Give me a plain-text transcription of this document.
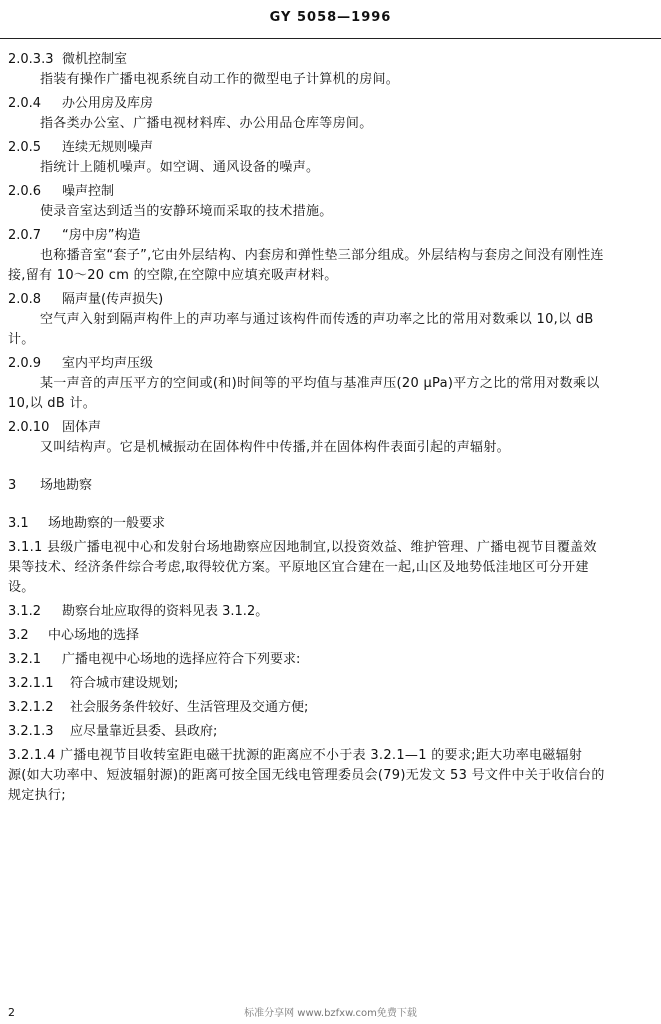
GY 5058—1996

2.0.3.3 微机控制室

指装有操作广播电视系统自动工作的微型电子计算机的房间。

2.0.4 办公用房及库房

指各类办公室、广播电视材料库、办公用品仓库等房间。

2.0.5 连续无规则噪声

指统计上随机噪声。如空调、通风设备的噪声。

2.0.6 噪声控制

使录音室达到适当的安静环境而采取的技术措施。

2.0.7 “房中房”构造

也称播音室“套子”,它由外层结构、内套房和弹性垫三部分组成。外层结构与套房之间没有刚性连

接,留有 10～20 cm 的空隙,在空隙中应填充吸声材料。

2.0.8 隔声量(传声损失)

空气声入射到隔声构件上的声功率与通过该构件而传透的声功率之比的常用对数乘以 10,以 dB

计。

2.0.9 室内平均声压级

某一声音的声压平方的空间或(和)时间等的平均值与基准声压(20 μPa)平方之比的常用对数乘以

10,以 dB 计。

2.0.10 固体声

又叫结构声。它是机械振动在固体构件中传播,并在固体构件表面引起的声辐射。

3 场地勘察

3.1 场地勘察的一般要求

3.1.1 县级广播电视中心和发射台场地勘察应因地制宜,以投资效益、维护管理、广播电视节目覆盖效

果等技术、经济条件综合考虑,取得较优方案。平原地区宜合建在一起,山区及地势低洼地区可分开建

设。

3.1.2 勘察台址应取得的资料见表 3.1.2。

3.2 中心场地的选择

3.2.1 广播电视中心场地的选择应符合下列要求:

3.2.1.1 符合城市建设规划;

3.2.1.2 社会服务条件较好、生活管理及交通方便;

3.2.1.3 应尽量靠近县委、县政府;

3.2.1.4 广播电视节目收转室距电磁干扰源的距离应不小于表 3.2.1—1 的要求;距大功率电磁辐射

源(如大功率中、短波辐射源)的距离可按全国无线电管理委员会(79)无发文 53 号文件中关于收信台的

规定执行;

2	标准分享网 www.bzfxw.com免费下载
